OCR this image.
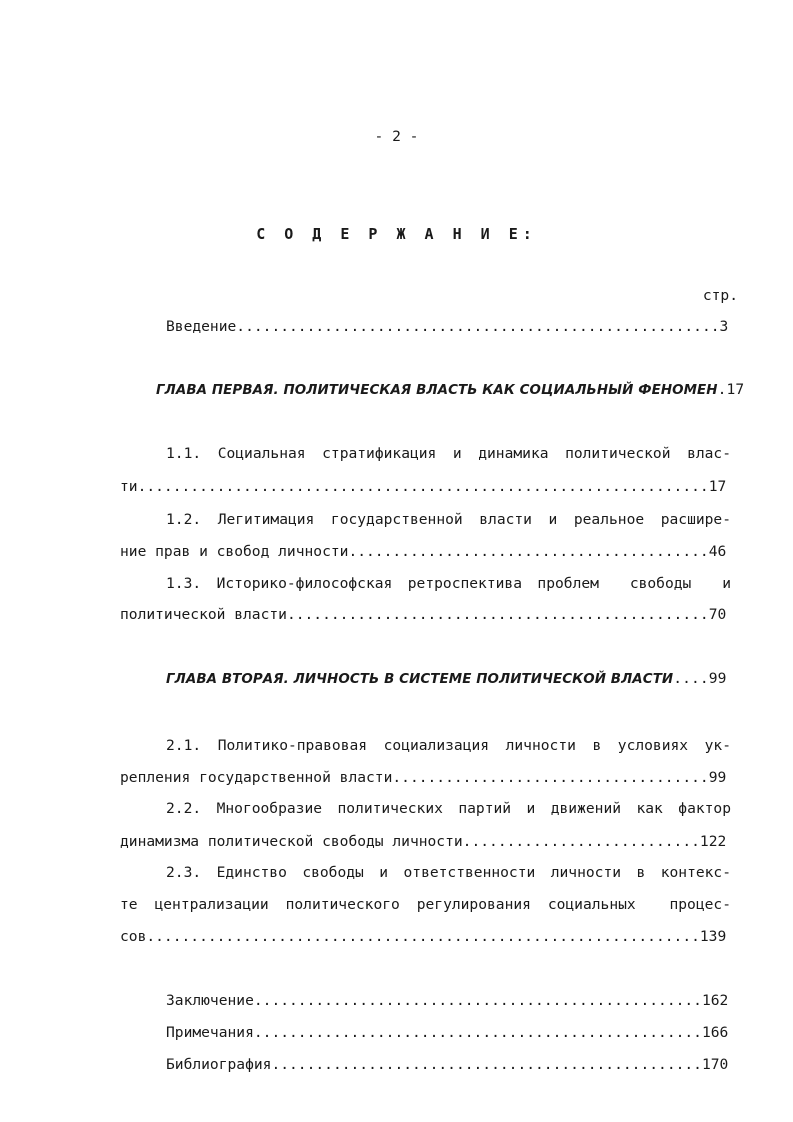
- 2 -
С О Д Е Р Ж А Н И Е:
стр.
Введение.......................................................3
ГЛАВА ПЕРВАЯ. ПОЛИТИЧЕСКАЯ ВЛАСТЬ КАК СОЦИАЛЬНЫЙ ФЕНОМЕН.17
1.1. Социальная стратификация и динамика политической влас-
ти.................................................................17
1.2. Легитимация государственной власти и реальное расшире-
ние прав и свобод личности.........................................46
1.3. Историко-философская ретроспектива проблем  свободы  и
политической власти................................................70
ГЛАВА ВТОРАЯ. ЛИЧНОСТЬ В СИСТЕМЕ ПОЛИТИЧЕСКОЙ ВЛАСТИ....99
2.1. Политико-правовая социализация личности в условиях ук-
репления государственной власти....................................99
2.2. Многообразие политических партий и движений как фактор
динамизма политической свободы личности...........................122
2.3. Единство свободы и ответственности личности в контекс-
те централизации политического регулирования социальных  процес-
сов...............................................................139
Заключение...................................................162
Примечания...................................................166
Библиография.................................................170
